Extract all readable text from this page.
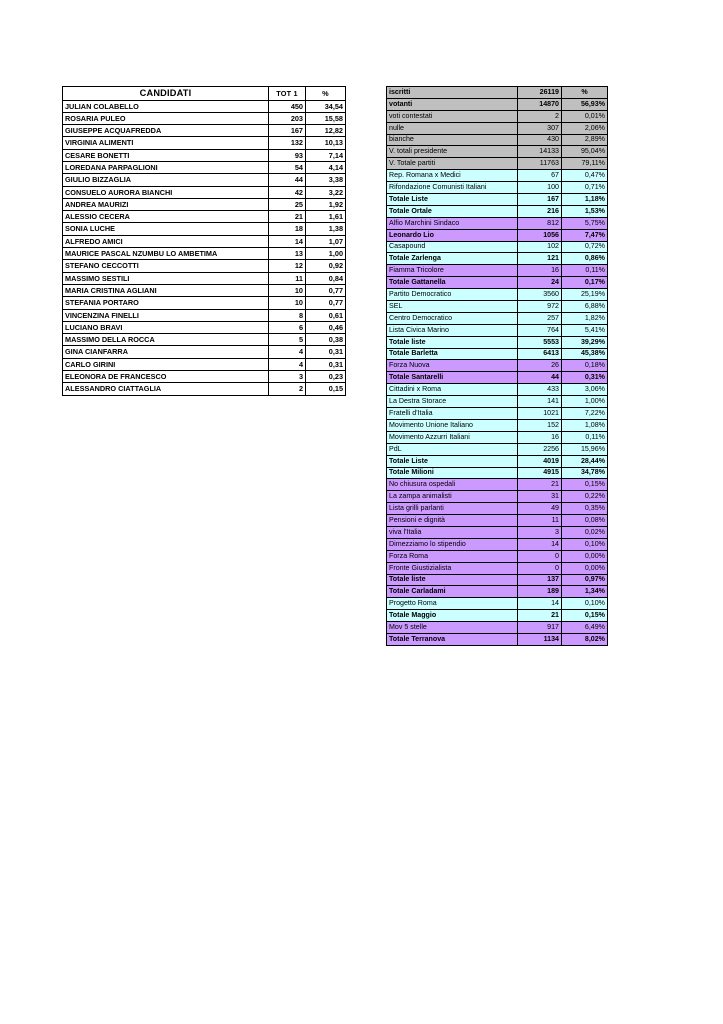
CANDIDATI	TOT 1	%
JULIAN COLABELLO	450	34,54
ROSARIA PULEO	203	15,58
GIUSEPPE ACQUAFREDDA	167	12,82
VIRGINIA ALIMENTI	132	10,13
CESARE BONETTI	93	7,14
LOREDANA PARPAGLIONI	54	4,14
GIULIO BIZZAGLIA	44	3,38
CONSUELO AURORA BIANCHI	42	3,22
ANDREA MAURIZI	25	1,92
ALESSIO CECERA	21	1,61
SONIA LUCHE	18	1,38
ALFREDO AMICI	14	1,07
MAURICE PASCAL NZUMBU LO AMBETIMA	13	1,00
STEFANO CECCOTTI	12	0,92
MASSIMO SESTILI	11	0,84
MARIA CRISTINA AGLIANI	10	0,77
STEFANIA PORTARO	10	0,77
VINCENZINA FINELLI	8	0,61
LUCIANO BRAVI	6	0,46
MASSIMO DELLA ROCCA	5	0,38
GINA CIANFARRA	4	0,31
CARLO GIRINI	4	0,31
ELEONORA DE FRANCESCO	3	0,23
ALESSANDRO CIATTAGLIA	2	0,15
iscritti	26119	%
votanti	14870	56,93%
voti contestati	2	0,01%
nulle	307	2,06%
bianche	430	2,89%
V. totali presidente	14133	95,04%
V. Totale partiti	11763	79,11%
Rep. Romana x Medici	67	0,47%
Rifondazione Comunisti Italiani	100	0,71%
Totale Liste	167	1,18%
Totale Ortale	216	1,53%
Alfio Marchini Sindaco	812	5,75%
Leonardo Lio	1056	7,47%
Casapound	102	0,72%
Totale Zarlenga	121	0,86%
Fiamma Tricolore	16	0,11%
Totale Gattanella	24	0,17%
Partito Democratico	3560	25,19%
SEL	972	6,88%
Centro Democratico	257	1,82%
Lista Civica Marino	764	5,41%
Totale liste	5553	39,29%
Totale Barletta	6413	45,38%
Forza Nuova	26	0,18%
Totale Santarelli	44	0,31%
Cittadini x Roma	433	3,06%
La Destra Storace	141	1,00%
Fratelli d'Italia	1021	7,22%
Movimento Unione Italiano	152	1,08%
Movimento Azzurri Italiani	16	0,11%
PdL	2256	15,96%
Totale Liste	4019	28,44%
Totale Milioni	4915	34,78%
No chiusura ospedali	21	0,15%
La zampa animalisti	31	0,22%
Lista grilli parlanti	49	0,35%
Pensioni e dignità	11	0,08%
viva l'Italia	3	0,02%
Dimezziamo lo stipendio	14	0,10%
Forza Roma	0	0,00%
Fronte Giustizialista	0	0,00%
Totale liste	137	0,97%
Totale Carladami	189	1,34%
Progetto Roma	14	0,10%
Totale Maggio	21	0,15%
Mov 5 stelle	917	6,49%
Totale Terranova	1134	8,02%
